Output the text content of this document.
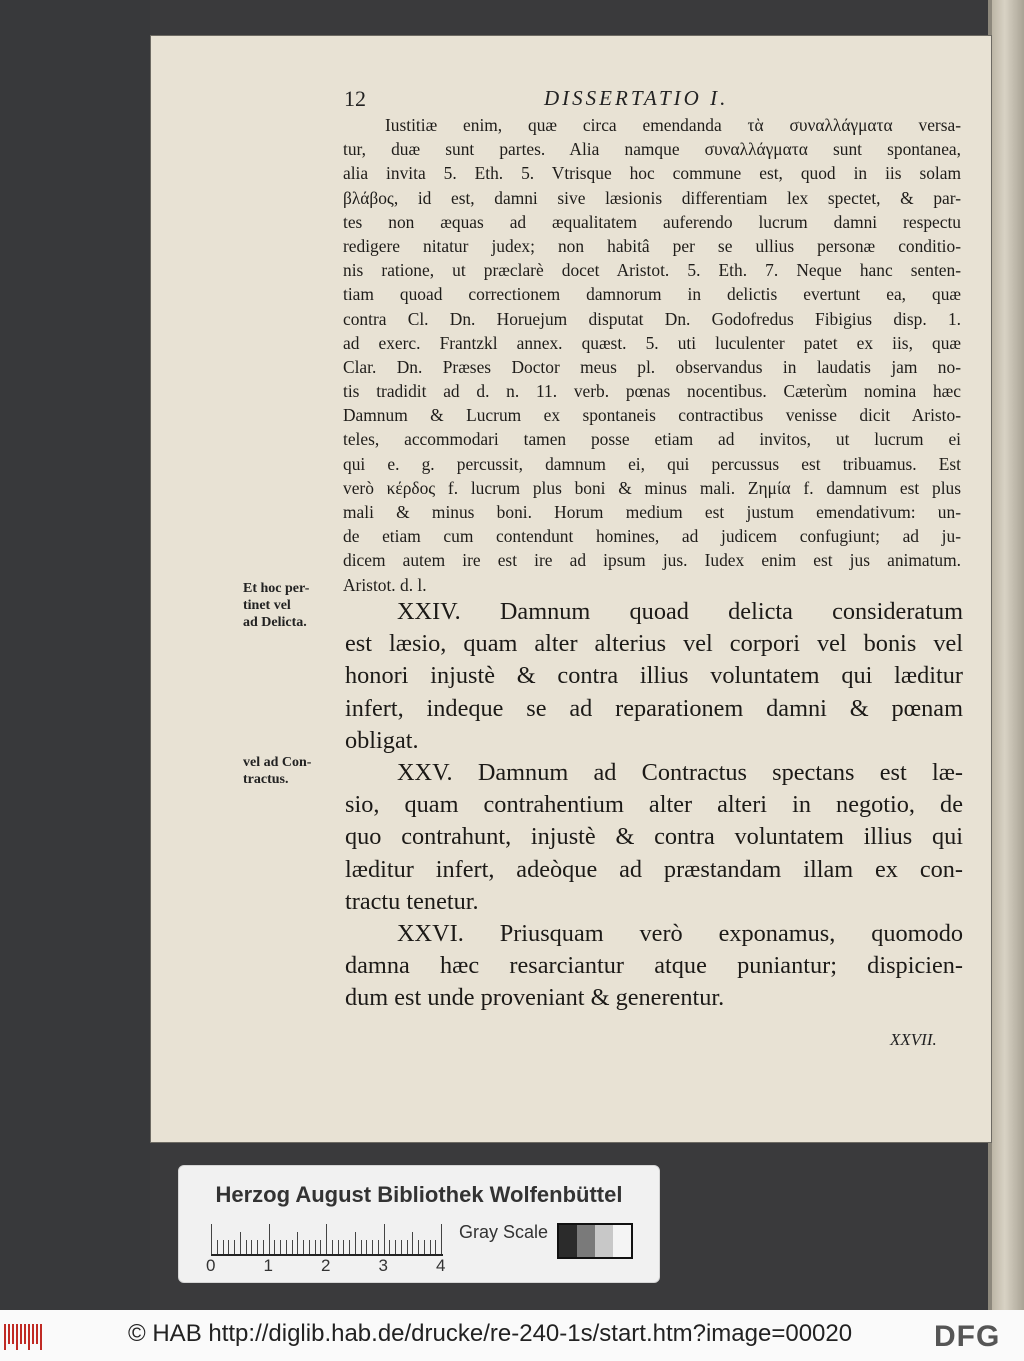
12	DISSERTATIO I.
Iustitiæ enim, quæ circa emendanda τὰ συναλλάγματα versa-
tur, duæ sunt partes. Alia namque συναλλάγματα sunt spontanea,
alia invita 5. Eth. 5. Vtrisque hoc commune est, quod in iis solam
βλάβος, id est, damni sive læsionis differentiam lex spectet, & par-
tes non æquas ad æqualitatem auferendo lucrum damni respectu
redigere nitatur judex; non habitâ per se ullius personæ conditio-
nis ratione, ut præclarè docet Aristot. 5. Eth. 7. Neque hanc senten-
tiam quoad correctionem damnorum in delictis evertunt ea, quæ
contra Cl. Dn. Horuejum disputat Dn. Godofredus Fibigius disp. 1.
ad exerc. Frantzkl annex. quæst. 5. uti luculenter patet ex iis, quæ
Clar. Dn. Præses Doctor meus pl. observandus in laudatis jam no-
tis tradidit ad d. n. 11. verb. pœnas nocentibus. Cæterùm nomina hæc
Damnum & Lucrum ex spontaneis contractibus venisse dicit Aristo-
teles, accommodari tamen posse etiam ad invitos, ut lucrum ei
qui e. g. percussit, damnum ei, qui percussus est tribuamus. Est
verò κέρδος f. lucrum plus boni & minus mali. Ζημία f. damnum est plus
mali & minus boni. Horum medium est justum emendativum: un-
de etiam cum contendunt homines, ad judicem confugiunt; ad ju-
dicem autem ire est ire ad ipsum jus. Iudex enim est jus animatum.
Aristot. d. l.
Et hoc per-
tinet vel
ad Delicta.
vel ad Con-
tractus.
XXIV. Damnum quoad delicta consideratum
est læsio, quam alter alterius vel corpori vel bonis vel
honori injustè & contra illius voluntatem qui læditur
infert, indeque se ad reparationem damni & pœnam
obligat.
XXV. Damnum ad Contractus spectans est læ-
sio, quam contrahentium alter alteri in negotio, de
quo contrahunt, injustè & contra voluntatem illius qui
læditur infert, adeòque ad præstandam illam ex con-
tractu tenetur.
XXVI. Priusquam verò exponamus, quomodo
damna hæc resarciantur atque puniantur; dispicien-
dum est unde proveniant & generentur.
XXVII.
Herzog August Bibliothek Wolfenbüttel
0	1	2	3	4
Gray Scale
© HAB http://diglib.hab.de/drucke/re-240-1s/start.htm?image=00020	DFG
